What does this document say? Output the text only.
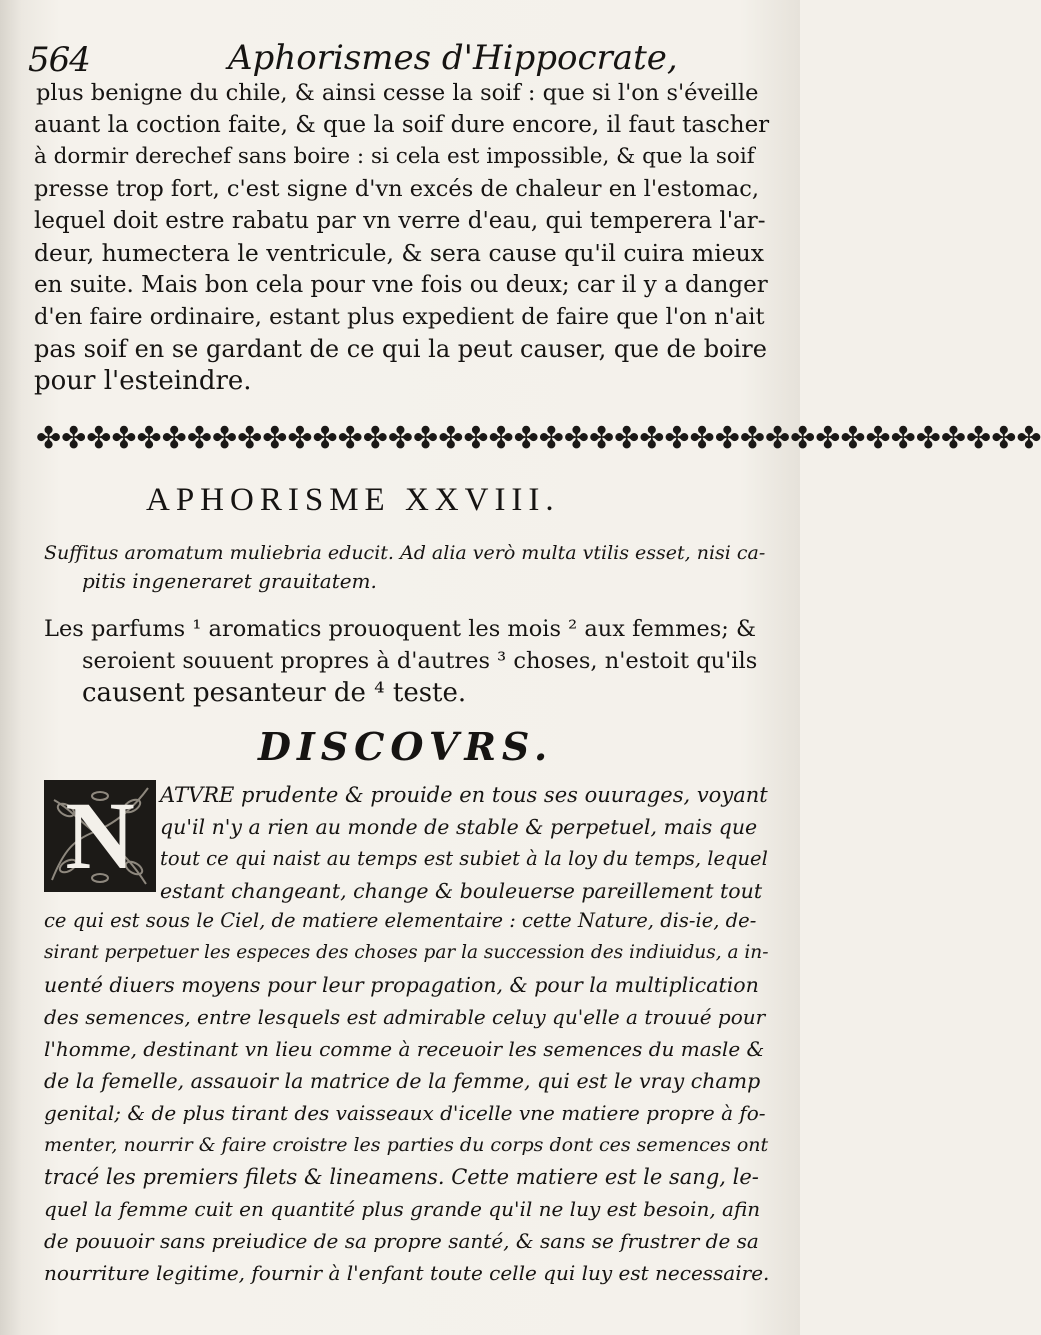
564	Aphorismes d'Hippocrate,
plus benigne du chile, & ainsi cesse la soif : que si l'on s'éveille
auant la coction faite, & que la soif dure encore, il faut tascher
à dormir derechef sans boire : si cela est impossible, & que la soif
presse trop fort, c'est signe d'vn excés de chaleur en l'estomac,
lequel doit estre rabatu par vn verre d'eau, qui temperera l'ar-
deur, humectera le ventricule, & sera cause qu'il cuira mieux
en suite. Mais bon cela pour vne fois ou deux; car il y a danger
d'en faire ordinaire, estant plus expedient de faire que l'on n'ait
pas soif en se gardant de ce qui la peut causer, que de boire
pour l'esteindre.
✤✤✤✤✤✤✤✤✤✤✤✤✤✤✤✤✤✤✤✤✤✤✤✤✤✤✤✤✤✤✤✤✤✤✤✤✤✤✤✤
APHORISME XXVIII.
Suffitus aromatum muliebria educit. Ad alia verò multa vtilis esset, nisi ca-
pitis ingeneraret grauitatem.
Les parfums ¹ aromatics prouoquent les mois ² aux femmes; &
seroient souuent propres à d'autres ³ choses, n'estoit qu'ils
causent pesanteur de ⁴ teste.
DISCOVRS.
N ATVRE prudente & prouide en tous ses ouurages, voyant
qu'il n'y a rien au monde de stable & perpetuel, mais que
tout ce qui naist au temps est subiet à la loy du temps, lequel
estant changeant, change & bouleuerse pareillement tout
ce qui est sous le Ciel, de matiere elementaire : cette Nature, dis-ie, de-
sirant perpetuer les especes des choses par la succession des indiuidus, a in-
uenté diuers moyens pour leur propagation, & pour la multiplication
des semences, entre lesquels est admirable celuy qu'elle a trouué pour
l'homme, destinant vn lieu comme à receuoir les semences du masle &
de la femelle, assauoir la matrice de la femme, qui est le vray champ
genital; & de plus tirant des vaisseaux d'icelle vne matiere propre à fo-
menter, nourrir & faire croistre les parties du corps dont ces semences ont
tracé les premiers filets & lineamens. Cette matiere est le sang, le-
quel la femme cuit en quantité plus grande qu'il ne luy est besoin, afin
de pouuoir sans preiudice de sa propre santé, & sans se frustrer de sa
nourriture legitime, fournir à l'enfant toute celle qui luy est necessaire.
